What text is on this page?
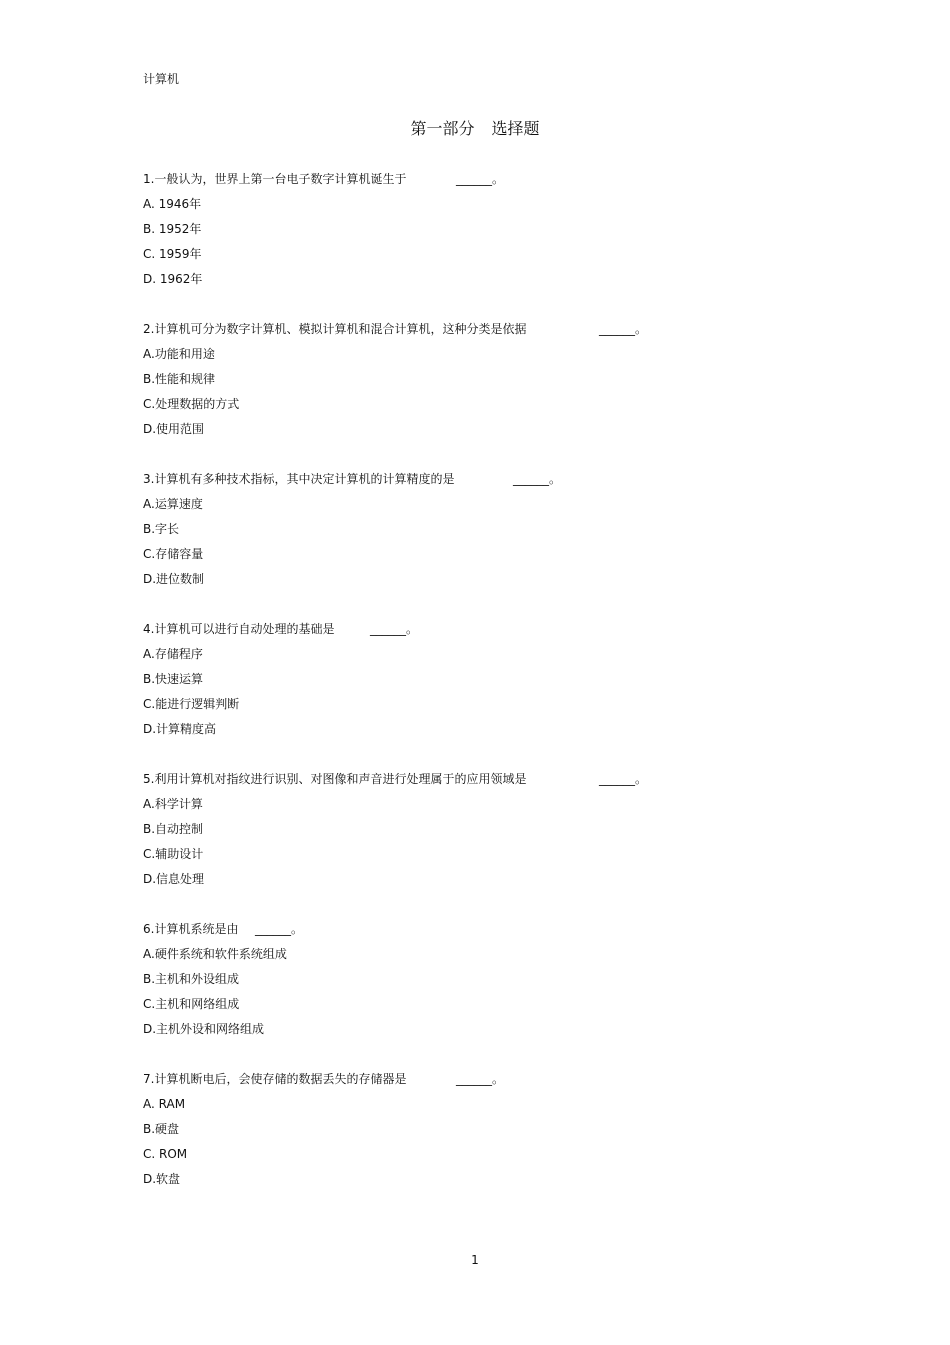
计算机
第一部分 选择题
1.一般认为，世界上第一台电子数字计算机诞生于	______。
A. 1946年
B. 1952年
C. 1959年
D. 1962年
2.计算机可分为数字计算机、模拟计算机和混合计算机，这种分类是依据	______。
A.功能和用途
B.性能和规律
C.处理数据的方式
D.使用范围
3.计算机有多种技术指标，其中决定计算机的计算精度的是	______。
A.运算速度
B.字长
C.存储容量
D.进位数制
4.计算机可以进行自动处理的基础是	______。
A.存储程序
B.快速运算
C.能进行逻辑判断
D.计算精度高
5.利用计算机对指纹进行识别、对图像和声音进行处理属于的应用领域是	______。
A.科学计算
B.自动控制
C.辅助设计
D.信息处理
6.计算机系统是由 ______。
A.硬件系统和软件系统组成
B.主机和外设组成
C.主机和网络组成
D.主机外设和网络组成
7.计算机断电后，会使存储的数据丢失的存储器是	______。
A. RAM
B.硬盘
C. ROM
D.软盘
1
